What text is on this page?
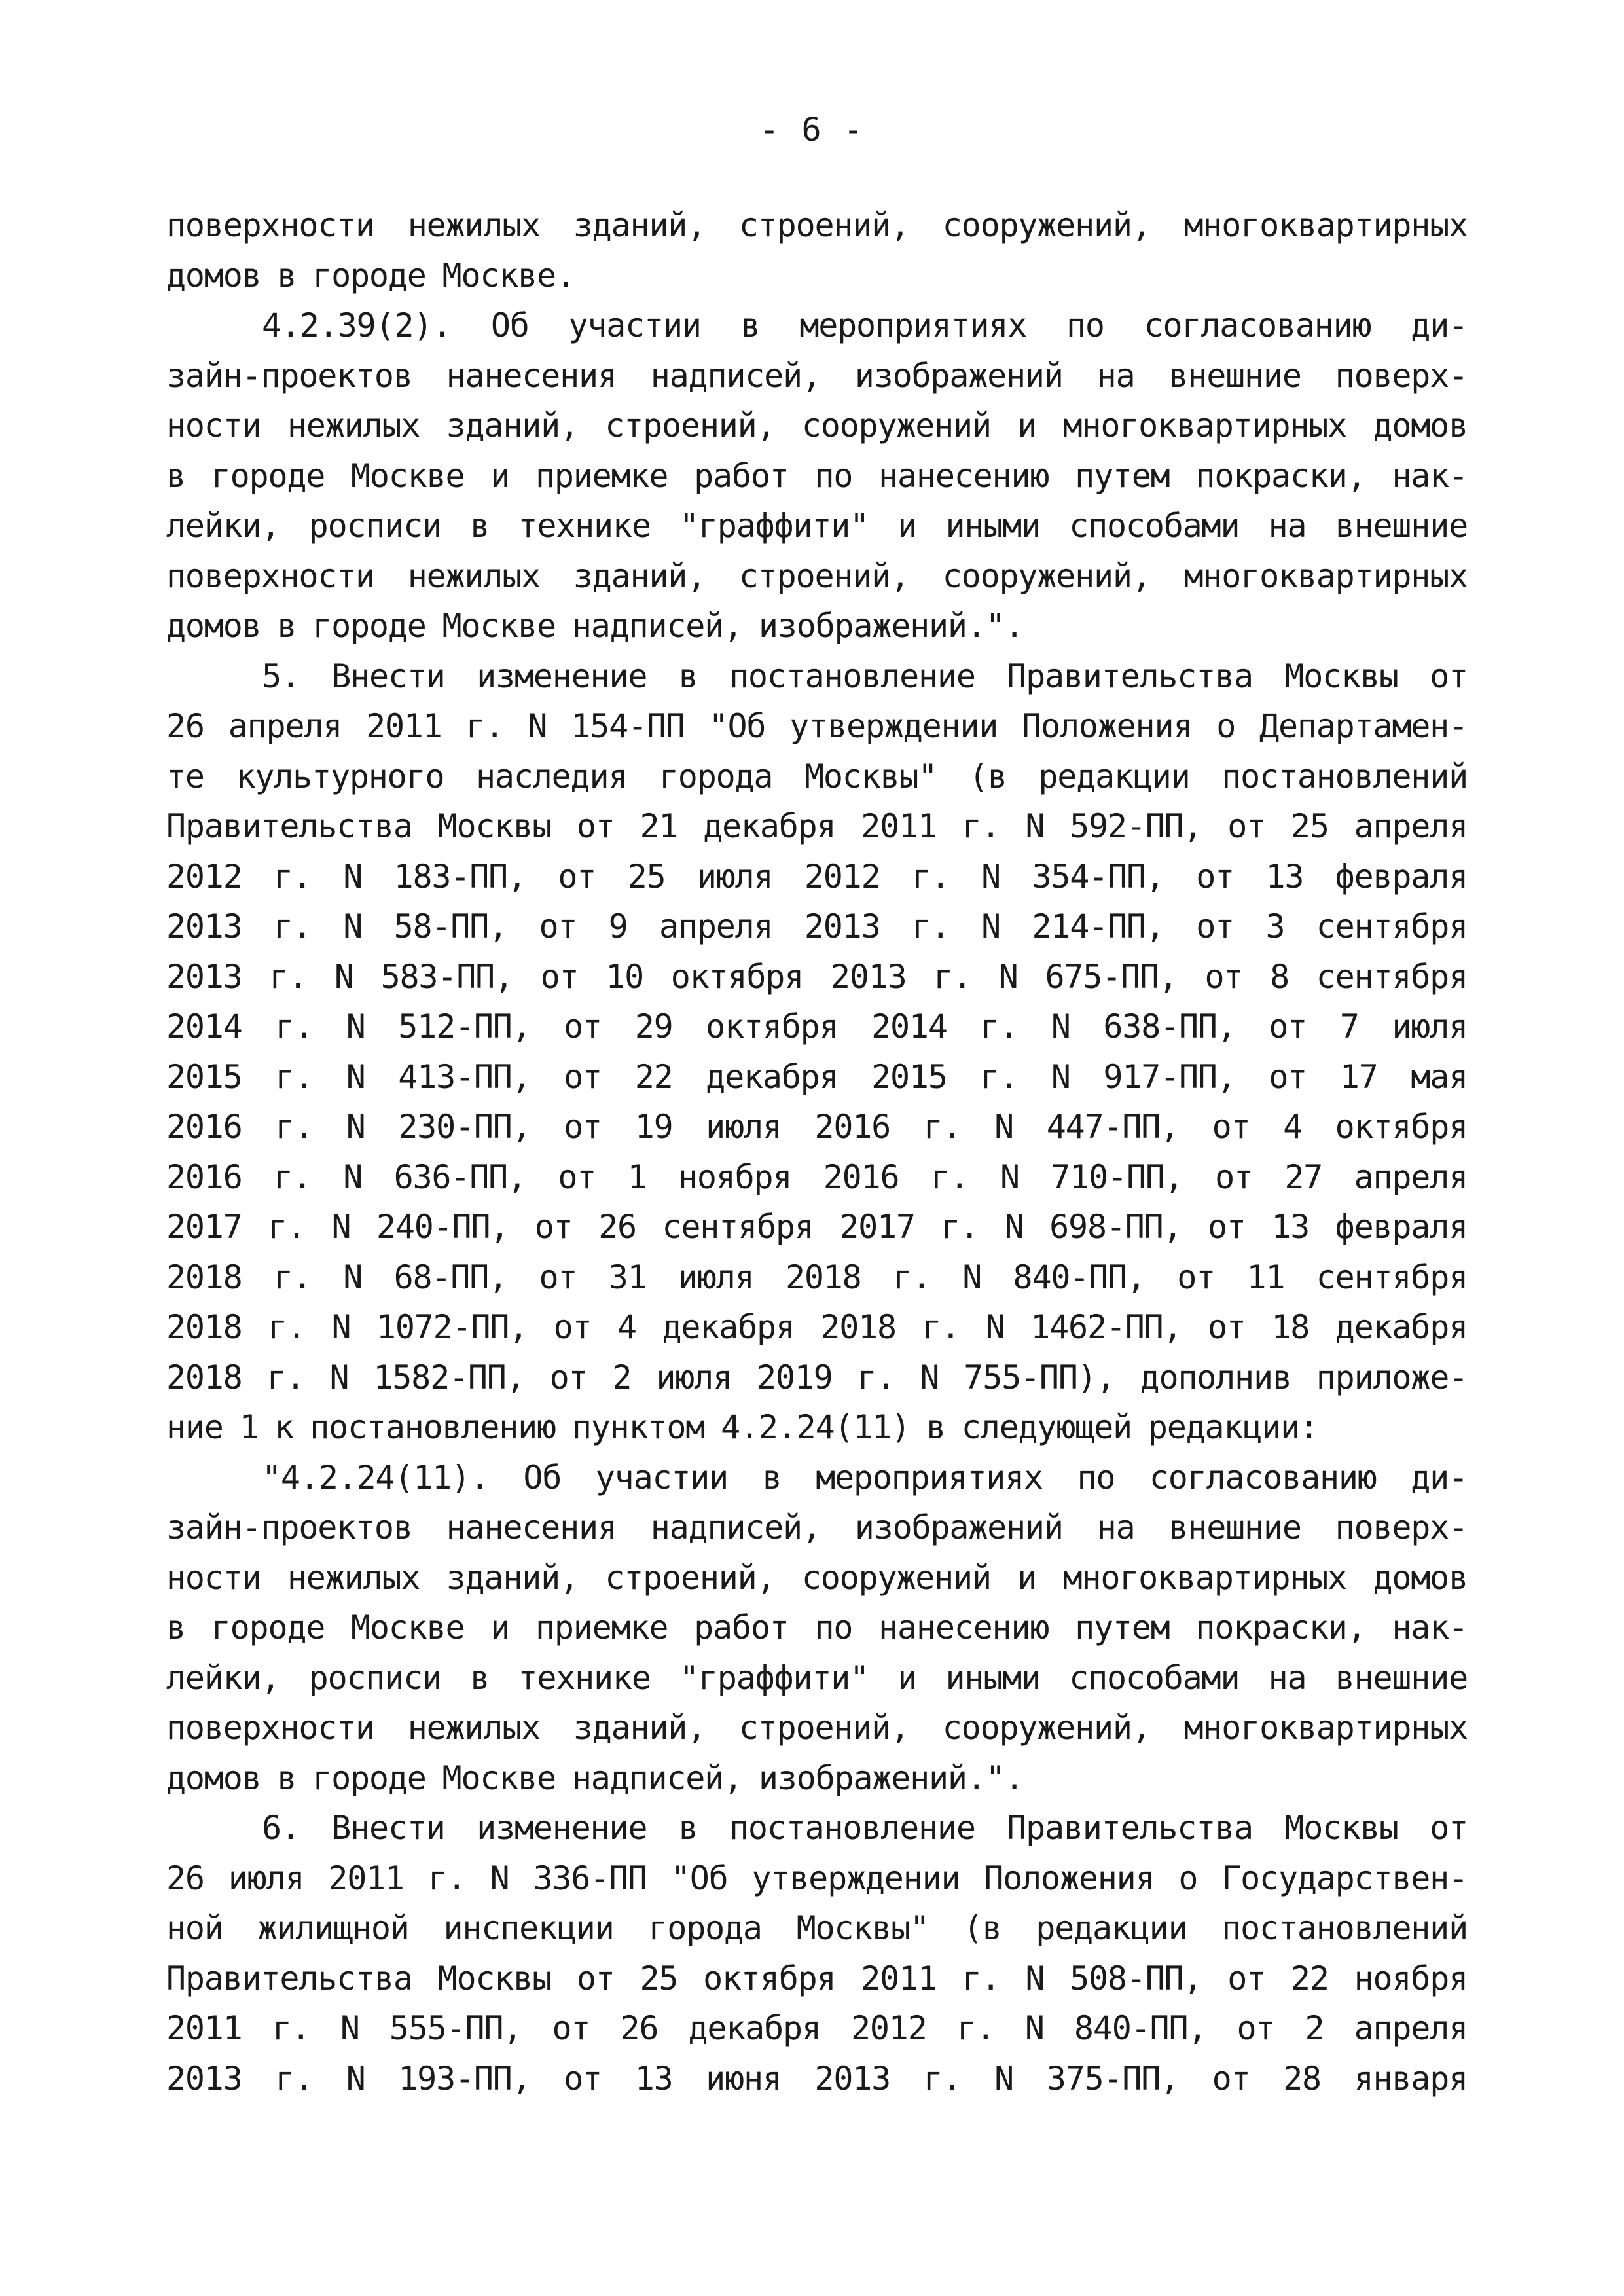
- 6 -
поверхности нежилых зданий, строений, сооружений, многоквартирных
домов в городе Москве.
4.2.39(2). Об участии в мероприятиях по согласованию ди-
зайн-проектов нанесения надписей, изображений на внешние поверх-
ности нежилых зданий, строений, сооружений и многоквартирных домов
в городе Москве и приемке работ по нанесению путем покраски, нак-
лейки, росписи в технике "граффити" и иными способами на внешние
поверхности нежилых зданий, строений, сооружений, многоквартирных
домов в городе Москве надписей, изображений.".
5. Внести изменение в постановление Правительства Москвы от
26 апреля 2011 г. N 154-ПП "Об утверждении Положения о Департамен-
те культурного наследия города Москвы" (в редакции постановлений
Правительства Москвы от 21 декабря 2011 г. N 592-ПП, от 25 апреля
2012 г. N 183-ПП, от 25 июля 2012 г. N 354-ПП, от 13 февраля
2013 г. N 58-ПП, от 9 апреля 2013 г. N 214-ПП, от 3 сентября
2013 г. N 583-ПП, от 10 октября 2013 г. N 675-ПП, от 8 сентября
2014 г. N 512-ПП, от 29 октября 2014 г. N 638-ПП, от 7 июля
2015 г. N 413-ПП, от 22 декабря 2015 г. N 917-ПП, от 17 мая
2016 г. N 230-ПП, от 19 июля 2016 г. N 447-ПП, от 4 октября
2016 г. N 636-ПП, от 1 ноября 2016 г. N 710-ПП, от 27 апреля
2017 г. N 240-ПП, от 26 сентября 2017 г. N 698-ПП, от 13 февраля
2018 г. N 68-ПП, от 31 июля 2018 г. N 840-ПП, от 11 сентября
2018 г. N 1072-ПП, от 4 декабря 2018 г. N 1462-ПП, от 18 декабря
2018 г. N 1582-ПП, от 2 июля 2019 г. N 755-ПП), дополнив приложе-
ние 1 к постановлению пунктом 4.2.24(11) в следующей редакции:
"4.2.24(11). Об участии в мероприятиях по согласованию ди-
зайн-проектов нанесения надписей, изображений на внешние поверх-
ности нежилых зданий, строений, сооружений и многоквартирных домов
в городе Москве и приемке работ по нанесению путем покраски, нак-
лейки, росписи в технике "граффити" и иными способами на внешние
поверхности нежилых зданий, строений, сооружений, многоквартирных
домов в городе Москве надписей, изображений.".
6. Внести изменение в постановление Правительства Москвы от
26 июля 2011 г. N 336-ПП "Об утверждении Положения о Государствен-
ной жилищной инспекции города Москвы" (в редакции постановлений
Правительства Москвы от 25 октября 2011 г. N 508-ПП, от 22 ноября
2011 г. N 555-ПП, от 26 декабря 2012 г. N 840-ПП, от 2 апреля
2013 г. N 193-ПП, от 13 июня 2013 г. N 375-ПП, от 28 января
